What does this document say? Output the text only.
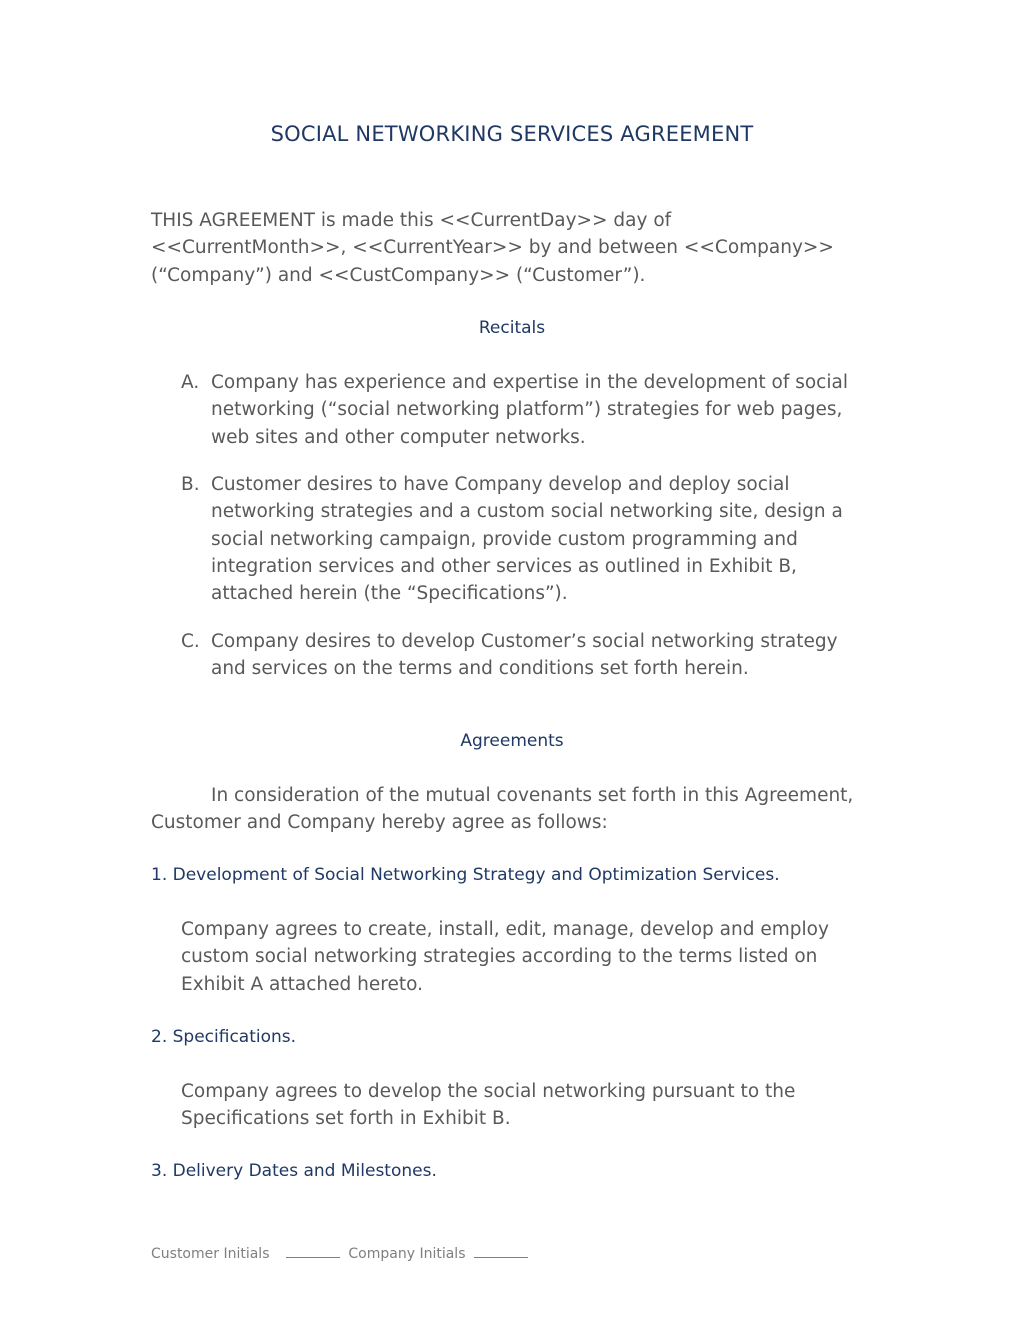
SOCIAL NETWORKING SERVICES AGREEMENT

THIS AGREEMENT is made this <<CurrentDay>> day of <<CurrentMonth>>, <<CurrentYear>> by and between <<Company>> (“Company”) and <<CustCompany>> (“Customer”).

Recitals
A. Company has experience and expertise in the development of social networking (“social networking platform”) strategies for web pages, web sites and other computer networks.
B. Customer desires to have Company develop and deploy social networking strategies and a custom social networking site, design a social networking campaign, provide custom programming and integration services and other services as outlined in Exhibit B, attached herein (the “Specifications”).
C. Company desires to develop Customer’s social networking strategy and services on the terms and conditions set forth herein.
Agreements

In consideration of the mutual covenants set forth in this Agreement, Customer and Company hereby agree as follows:

1. Development of Social Networking Strategy and Optimization Services.

Company agrees to create, install, edit, manage, develop and employ custom social networking strategies according to the terms listed on Exhibit A attached hereto.

2. Specifications.

Company agrees to develop the social networking pursuant to the Specifications set forth in Exhibit B.

3. Delivery Dates and Milestones.
Customer Initials	Company Initials
